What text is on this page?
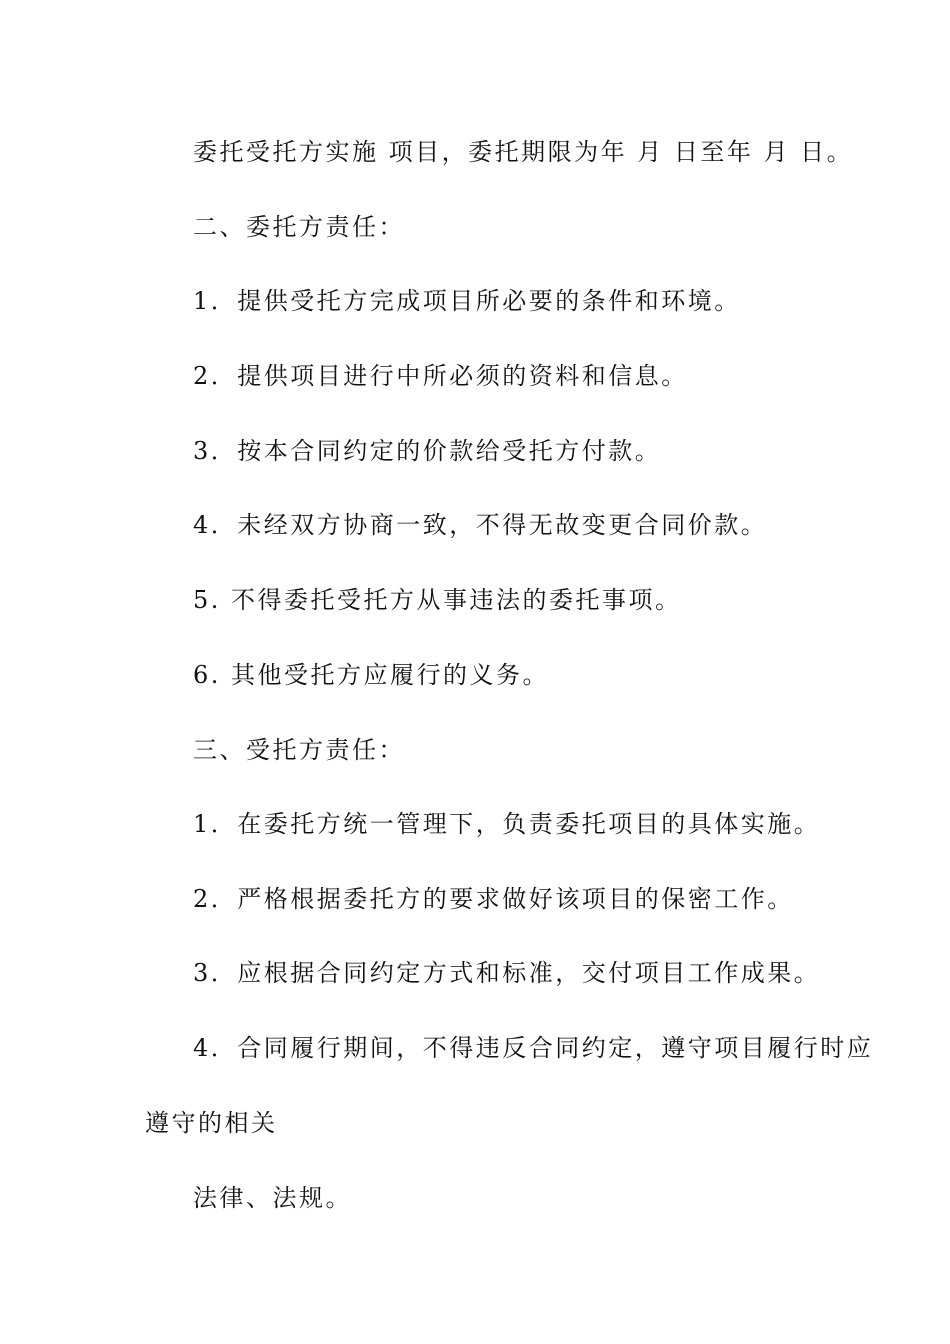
委托受托方实施 项目，委托期限为年 月 日至年 月 日。

二、委托方责任：

1．提供受托方完成项目所必要的条件和环境。

2．提供项目进行中所必须的资料和信息。

3．按本合同约定的价款给受托方付款。

4．未经双方协商一致，不得无故变更合同价款。

5. 不得委托受托方从事违法的委托事项。

6. 其他受托方应履行的义务。

三、受托方责任：

1．在委托方统一管理下，负责委托项目的具体实施。

2．严格根据委托方的要求做好该项目的保密工作。

3．应根据合同约定方式和标准，交付项目工作成果。

4．合同履行期间，不得违反合同约定，遵守项目履行时应

遵守的相关

法律、法规。
